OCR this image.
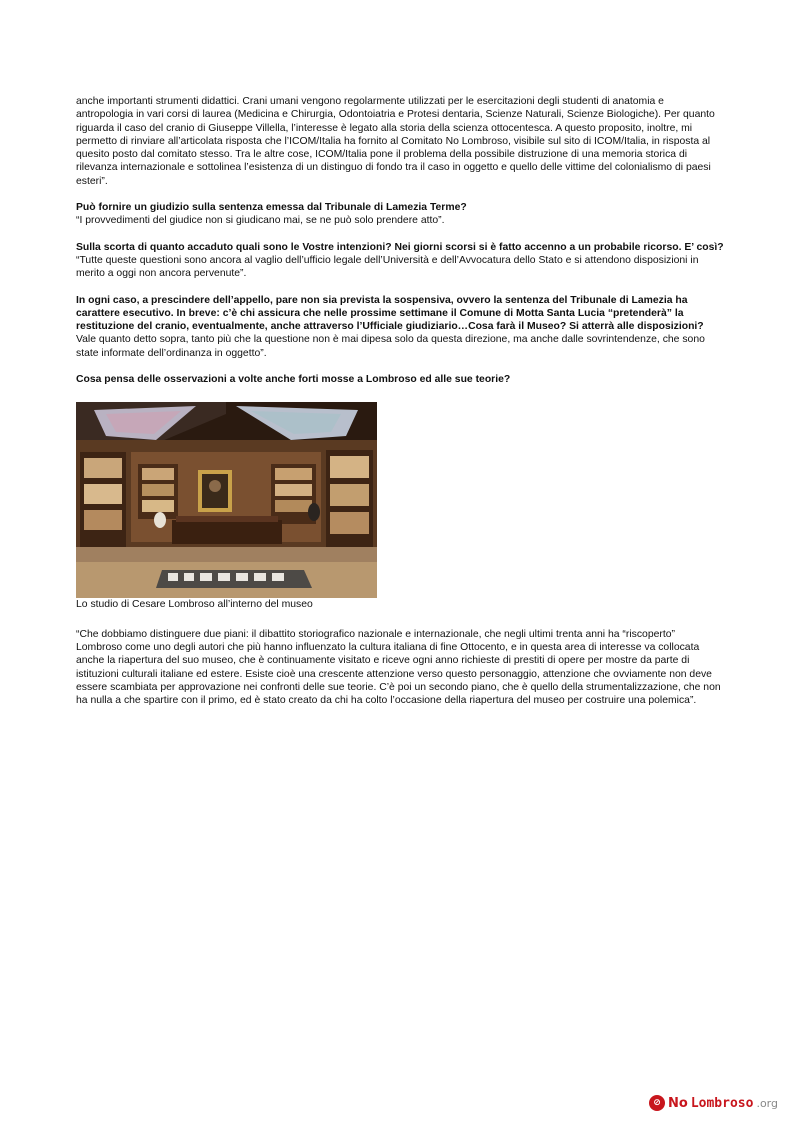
anche importanti strumenti didattici. Crani umani vengono regolarmente utilizzati per le esercitazioni degli studenti di anatomia e antropologia in vari corsi di laurea (Medicina e Chirurgia, Odontoiatria e Protesi dentaria, Scienze Naturali, Scienze Biologiche). Per quanto riguarda il caso del cranio di Giuseppe Villella, l’interesse è legato alla storia della scienza ottocentesca. A questo proposito, inoltre, mi permetto di rinviare all’articolata risposta che l’ICOM/Italia ha fornito al Comitato No Lombroso, visibile sul sito di ICOM/Italia, in risposta al quesito posto dal comitato stesso. Tra le altre cose, ICOM/Italia pone il problema della possibile distruzione di una memoria storica di rilevanza internazionale e sottolinea l’esistenza di un distinguo di fondo tra il caso in oggetto e quello delle vittime del colonialismo di paesi esteri”.

Può fornire un giudizio sulla sentenza emessa dal Tribunale di Lamezia Terme?

“I provvedimenti del giudice non si giudicano mai, se ne può solo prendere atto”.

Sulla scorta di quanto accaduto quali sono le Vostre intenzioni? Nei giorni scorsi si è fatto accenno a un probabile ricorso. E’ così?

“Tutte queste questioni sono ancora al vaglio dell’ufficio legale dell’Università e dell’Avvocatura dello Stato e si attendono disposizioni in merito a oggi non ancora pervenute”.

In ogni caso, a prescindere dell’appello, pare non sia prevista la sospensiva, ovvero la sentenza del Tribunale di Lamezia ha carattere esecutivo. In breve: c’è chi assicura che nelle prossime settimane il Comune di Motta Santa Lucia “pretenderà” la restituzione del cranio, eventualmente, anche attraverso l’Ufficiale giudiziario…Cosa farà il Museo? Si atterrà alle disposizioni?

Vale quanto detto sopra, tanto più che la questione non è mai dipesa solo da questa direzione, ma anche dalle sovrintendenze, che sono state informate dell’ordinanza in oggetto”.

Cosa pensa delle osservazioni a volte anche forti mosse a Lombroso ed alle sue teorie?

Lo studio di Cesare Lombroso all’interno del museo

“Che dobbiamo distinguere due piani: il dibattito storiografico nazionale e internazionale, che negli ultimi trenta anni ha “riscoperto” Lombroso come uno degli autori che più hanno influenzato la cultura italiana di fine Ottocento, e in questa area di interesse va collocata anche la riapertura del suo museo, che è continuamente visitato e riceve ogni anno richieste di prestiti di opere per mostre da parte di istituzioni culturali italiane ed estere. Esiste cioè una crescente attenzione verso questo personaggio, attenzione che ovviamente non deve essere scambiata per approvazione nei confronti delle sue teorie. C’è poi un secondo piano, che è quello della strumentalizzazione, che non ha nulla a che spartire con il primo, ed è stato creato da chi ha colto l’occasione della riapertura del museo per costruire una polemica”.

⊘ No Lombroso .org
